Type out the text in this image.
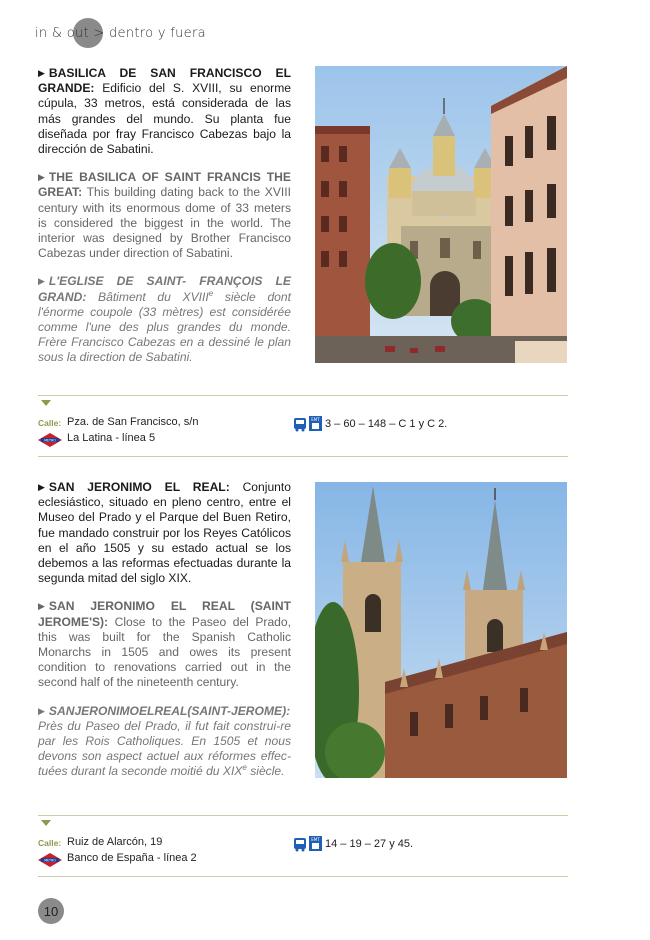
in & out > dentro y fuera

▶ BASILICA DE SAN FRANCISCO EL GRANDE: Edificio del S. XVIII, su enorme cúpula, 33 metros, está considerada de las más grandes del mundo. Su planta fue diseñada por fray Francisco Cabezas bajo la dirección de Sabatini.

▶ THE BASILICA OF SAINT FRANCIS THE GREAT: This building dating back to the XVIII century with its enormous dome of 33 meters is considered the biggest in the world. The interior was designed by Brother Francisco Cabezas under direction of Sabatini.

▶ L'EGLISE DE SAINT- FRANÇOIS LE GRAND: Bâtiment du XVIIIe siècle dont l'énorme coupole (33 mètres) est considérée comme l'une des plus grandes du monde. Frère Francisco Cabezas en a dessiné le plan sous la direction de Sabatini.

Calle: Pza. de San Francisco, s/n
METRO La Latina - línea 5
EMT 3 – 60 – 148 – C 1 y C 2.

▶ SAN JERONIMO EL REAL: Conjunto eclesiástico, situado en pleno centro, entre el Museo del Prado y el Parque del Buen Retiro, fue mandado construir por los Reyes Católicos en el año 1505 y su estado actual se los debemos a las reformas efectuadas durante la segunda mitad del siglo XIX.

▶ SAN JERONIMO EL REAL (SAINT JEROME'S): Close to the Paseo del Prado, this was built for the Spanish Catholic Monarchs in 1505 and owes its present condition to renovations carried out in the second half of the nineteenth century.

▶ SANJERONIMOELREAL(SAINT-JEROME): Près du Paseo del Prado, il fut fait construi-re par les Rois Catholiques. En 1505 et nous devons son aspect actuel aux réformes effec-tuées durant la seconde moitié du XIXe siècle.

Calle: Ruiz de Alarcón, 19
METRO Banco de España - línea 2
EMT 14 – 19 – 27 y 45.
10
